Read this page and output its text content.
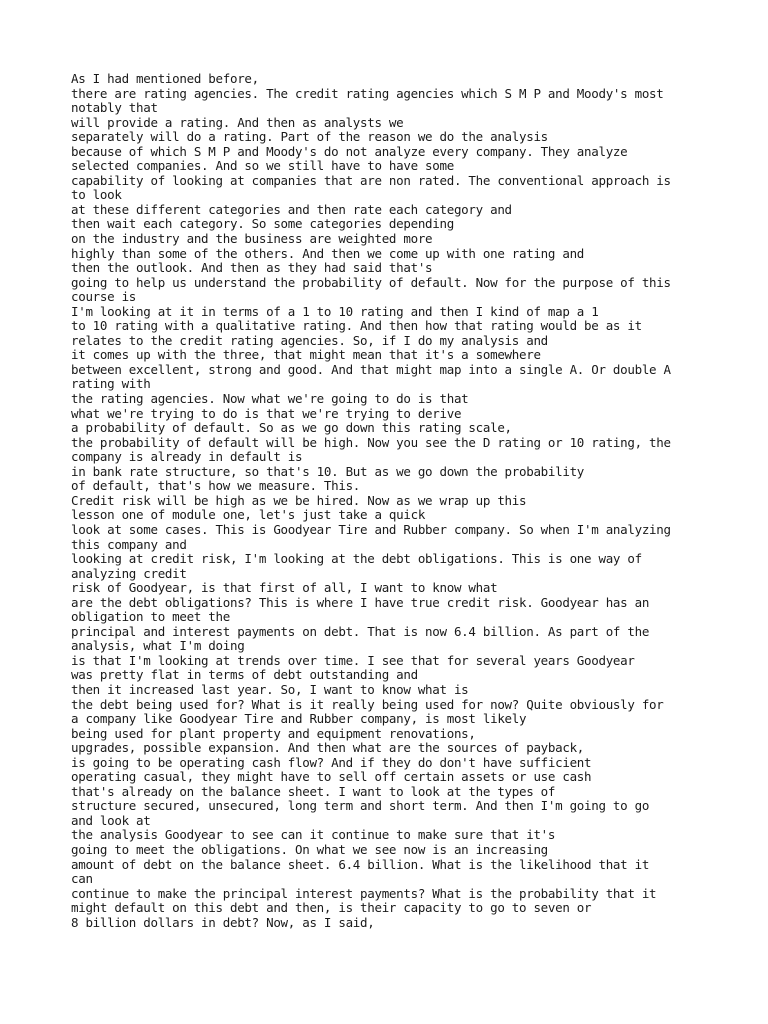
As I had mentioned before,
there are rating agencies. The credit rating agencies which S M P and Moody's most
notably that
will provide a rating. And then as analysts we
separately will do a rating. Part of the reason we do the analysis
because of which S M P and Moody's do not analyze every company. They analyze
selected companies. And so we still have to have some
capability of looking at companies that are non rated. The conventional approach is
to look
at these different categories and then rate each category and
then wait each category. So some categories depending
on the industry and the business are weighted more
highly than some of the others. And then we come up with one rating and
then the outlook. And then as they had said that's
going to help us understand the probability of default. Now for the purpose of this
course is
I'm looking at it in terms of a 1 to 10 rating and then I kind of map a 1
to 10 rating with a qualitative rating. And then how that rating would be as it
relates to the credit rating agencies. So, if I do my analysis and
it comes up with the three, that might mean that it's a somewhere
between excellent, strong and good. And that might map into a single A. Or double A
rating with
the rating agencies. Now what we're going to do is that
what we're trying to do is that we're trying to derive
a probability of default. So as we go down this rating scale,
the probability of default will be high. Now you see the D rating or 10 rating, the
company is already in default is
in bank rate structure, so that's 10. But as we go down the probability
of default, that's how we measure. This.
Credit risk will be high as we be hired. Now as we wrap up this
lesson one of module one, let's just take a quick
look at some cases. This is Goodyear Tire and Rubber company. So when I'm analyzing
this company and
looking at credit risk, I'm looking at the debt obligations. This is one way of
analyzing credit
risk of Goodyear, is that first of all, I want to know what
are the debt obligations? This is where I have true credit risk. Goodyear has an
obligation to meet the
principal and interest payments on debt. That is now 6.4 billion. As part of the
analysis, what I'm doing
is that I'm looking at trends over time. I see that for several years Goodyear
was pretty flat in terms of debt outstanding and
then it increased last year. So, I want to know what is
the debt being used for? What is it really being used for now? Quite obviously for
a company like Goodyear Tire and Rubber company, is most likely
being used for plant property and equipment renovations,
upgrades, possible expansion. And then what are the sources of payback,
is going to be operating cash flow? And if they do don't have sufficient
operating casual, they might have to sell off certain assets or use cash
that's already on the balance sheet. I want to look at the types of
structure secured, unsecured, long term and short term. And then I'm going to go
and look at
the analysis Goodyear to see can it continue to make sure that it's
going to meet the obligations. On what we see now is an increasing
amount of debt on the balance sheet. 6.4 billion. What is the likelihood that it
can
continue to make the principal interest payments? What is the probability that it
might default on this debt and then, is their capacity to go to seven or
8 billion dollars in debt? Now, as I said,
